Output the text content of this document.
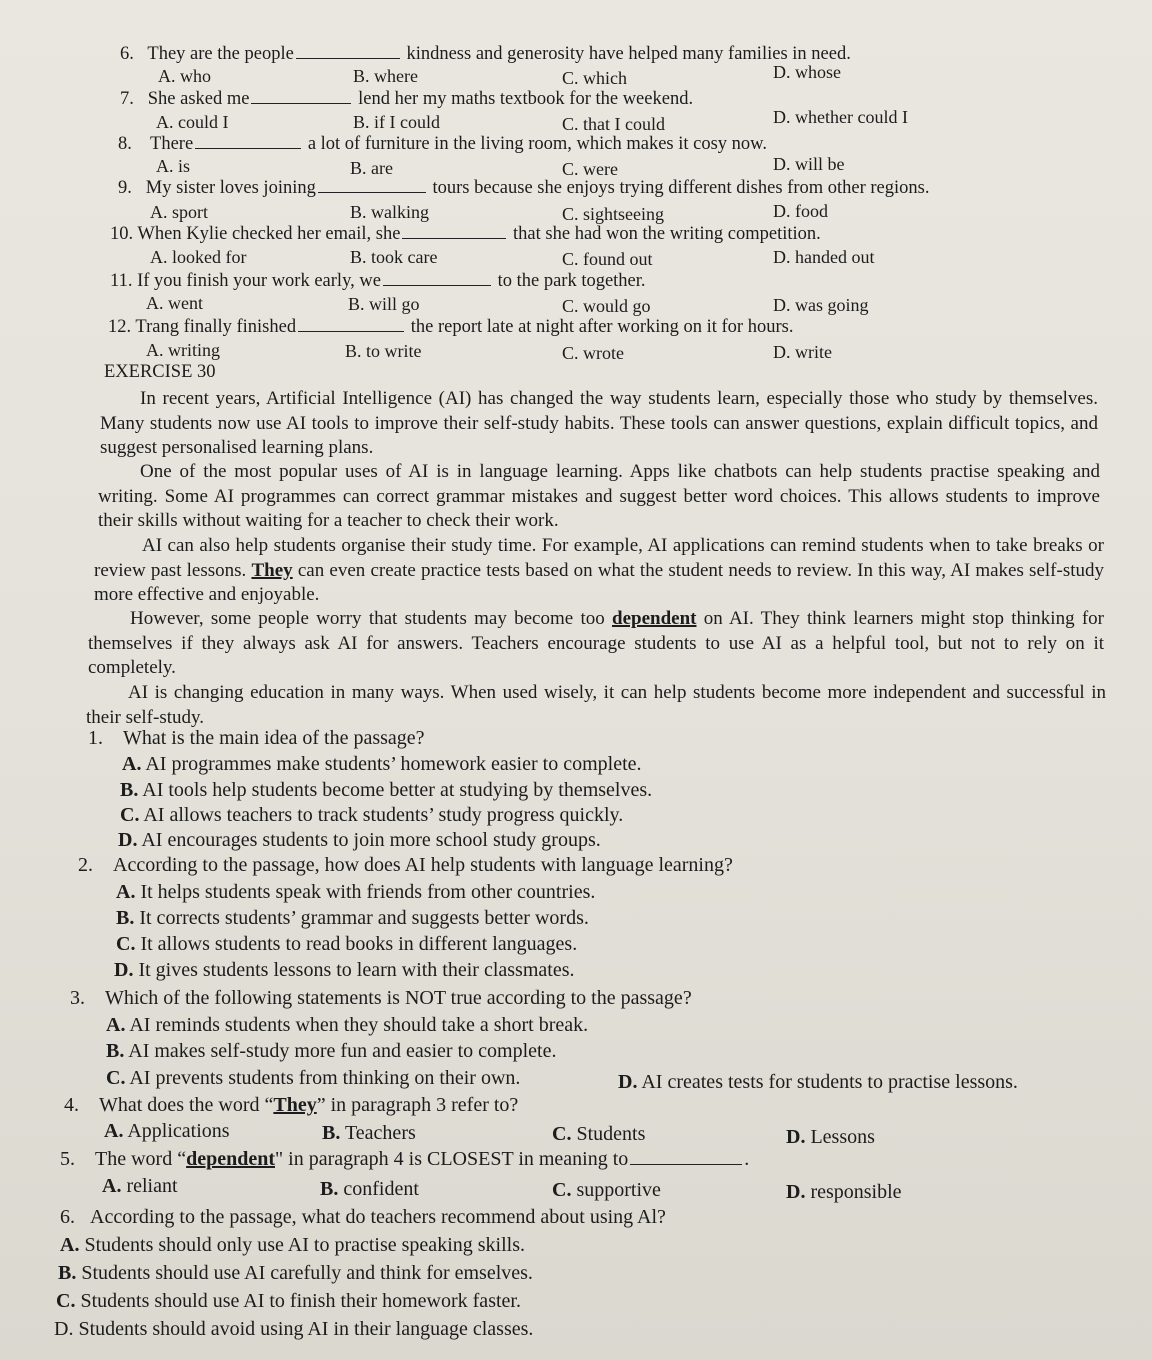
6. They are the people	kindness and generosity have helped many families in need.
A. who	B. where	C. which	D. whose
7. She asked me	lend her my maths textbook for the weekend.
A. could I	B. if I could	C. that I could	D. whether could I
8. There	a lot of furniture in the living room, which makes it cosy now.
A. is	B. are	C. were	D. will be
9. My sister loves joining	tours because she enjoys trying different dishes from other regions.
A. sport	B. walking	C. sightseeing	D. food
10. When Kylie checked her email, she	that she had won the writing competition.
A. looked for	B. took care	C. found out	D. handed out
11. If you finish your work early, we	to the park together.
A. went	B. will go	C. would go	D. was going
12. Trang finally finished	the report late at night after working on it for hours.
A. writing	B. to write	C. wrote	D. write
EXERCISE 30
In recent years, Artificial Intelligence (AI) has changed the way students learn, especially those who study by themselves. Many students now use AI tools to improve their self-study habits. These tools can answer questions, explain difficult topics, and suggest personalised learning plans.
One of the most popular uses of AI is in language learning. Apps like chatbots can help students practise speaking and writing. Some AI programmes can correct grammar mistakes and suggest better word choices. This allows students to improve their skills without waiting for a teacher to check their work.
AI can also help students organise their study time. For example, AI applications can remind students when to take breaks or review past lessons. They can even create practice tests based on what the student needs to review. In this way, AI makes self-study more effective and enjoyable.
However, some people worry that students may become too dependent on AI. They think learners might stop thinking for themselves if they always ask AI for answers. Teachers encourage students to use AI as a helpful tool, but not to rely on it completely.
AI is changing education in many ways. When used wisely, it can help students become more independent and successful in their self-study.
1. What is the main idea of the passage?
A. AI programmes make students’ homework easier to complete.
B. AI tools help students become better at studying by themselves.
C. AI allows teachers to track students’ study progress quickly.
D. AI encourages students to join more school study groups.
2. According to the passage, how does AI help students with language learning?
A. It helps students speak with friends from other countries.
B. It corrects students’ grammar and suggests better words.
C. It allows students to read books in different languages.
D. It gives students lessons to learn with their classmates.
3. Which of the following statements is NOT true according to the passage?
A. AI reminds students when they should take a short break.
B. AI makes self-study more fun and easier to complete.
C. AI prevents students from thinking on their own.	D. AI creates tests for students to practise lessons.
4. What does the word “They” in paragraph 3 refer to?
A. Applications	B. Teachers	C. Students	D. Lessons
5. The word “dependent" in paragraph 4 is CLOSEST in meaning to	.
A. reliant	B. confident	C. supportive	D. responsible
6. According to the passage, what do teachers recommend about using Al?
A. Students should only use AI to practise speaking skills.
B. Students should use AI carefully and think for emselves.
C. Students should use AI to finish their homework faster.
D. Students should avoid using AI in their language classes.
